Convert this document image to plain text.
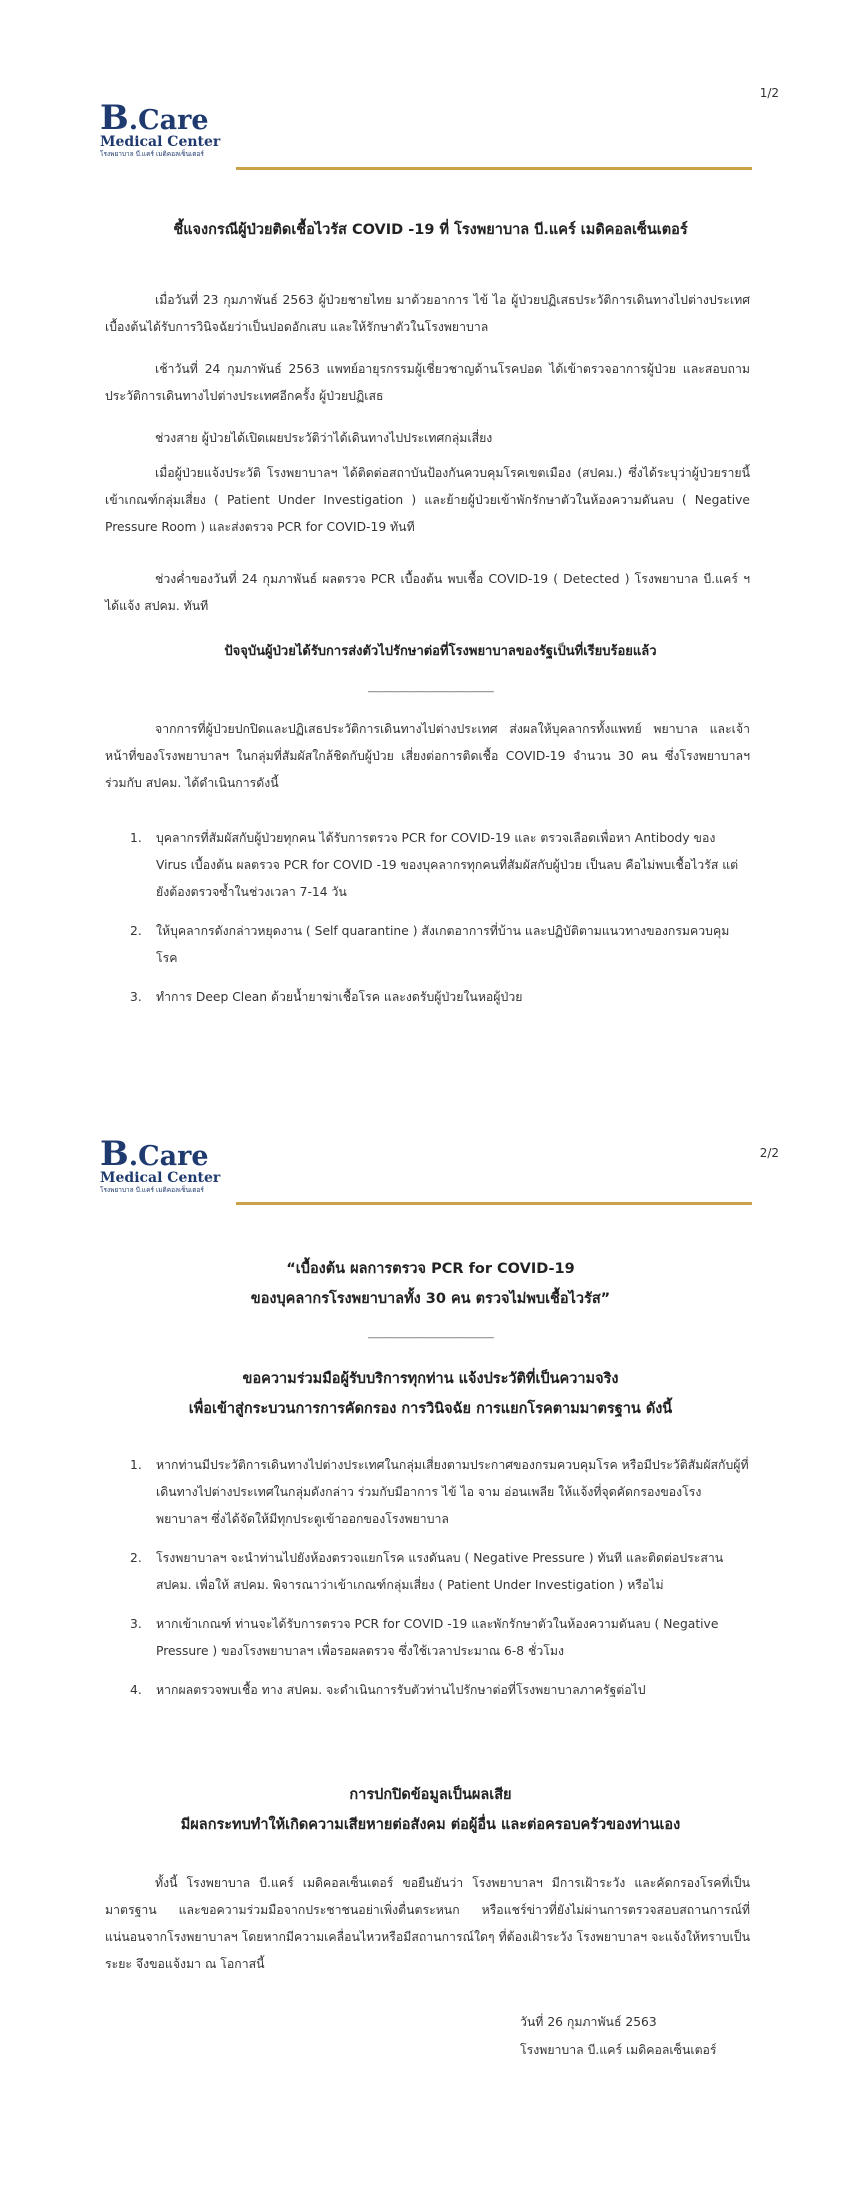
1/2
B.Care
Medical Center
โรงพยาบาล บี.แคร์ เมดิคอลเซ็นเตอร์
ชี้แจงกรณีผู้ป่วยติดเชื้อไวรัส COVID -19 ที่ โรงพยาบาล บี.แคร์ เมดิคอลเซ็นเตอร์
เมื่อวันที่ 23 กุมภาพันธ์ 2563 ผู้ป่วยชายไทย มาด้วยอาการ ไข้ ไอ ผู้ป่วยปฏิเสธประวัติการเดินทางไปต่างประเทศ เบื้องต้นได้รับการวินิจฉัยว่าเป็นปอดอักเสบ และให้รักษาตัวในโรงพยาบาล
เช้าวันที่ 24 กุมภาพันธ์ 2563 แพทย์อายุรกรรมผู้เชี่ยวชาญด้านโรคปอด ได้เข้าตรวจอาการผู้ป่วย และสอบถามประวัติการเดินทางไปต่างประเทศอีกครั้ง ผู้ป่วยปฏิเสธ
ช่วงสาย ผู้ป่วยได้เปิดเผยประวัติว่าได้เดินทางไปประเทศกลุ่มเสี่ยง
เมื่อผู้ป่วยแจ้งประวัติ โรงพยาบาลฯ ได้ติดต่อสถาบันป้องกันควบคุมโรคเขตเมือง (สปคม.) ซึ่งได้ระบุว่าผู้ป่วยรายนี้เข้าเกณฑ์กลุ่มเสี่ยง ( Patient Under Investigation ) และย้ายผู้ป่วยเข้าพักรักษาตัวในห้องความดันลบ ( Negative Pressure Room ) และส่งตรวจ PCR for COVID-19 ทันที
ช่วงค่ำของวันที่ 24 กุมภาพันธ์ ผลตรวจ PCR เบื้องต้น พบเชื้อ COVID-19 ( Detected ) โรงพยาบาล บี.แคร์ ฯ ได้แจ้ง สปคม. ทันที
ปัจจุบันผู้ป่วยได้รับการส่งตัวไปรักษาต่อที่โรงพยาบาลของรัฐเป็นที่เรียบร้อยแล้ว
--------------------------------------------------------
จากการที่ผู้ป่วยปกปิดและปฏิเสธประวัติการเดินทางไปต่างประเทศ ส่งผลให้บุคลากรทั้งแพทย์ พยาบาล และเจ้าหน้าที่ของโรงพยาบาลฯ ในกลุ่มที่สัมผัสใกล้ชิดกับผู้ป่วย เสี่ยงต่อการติดเชื้อ COVID-19 จำนวน 30 คน ซึ่งโรงพยาบาลฯ ร่วมกับ สปคม. ได้ดำเนินการดังนี้
1. บุคลากรที่สัมผัสกับผู้ป่วยทุกคน ได้รับการตรวจ PCR for COVID-19 และ ตรวจเลือดเพื่อหา Antibody ของ Virus เบื้องต้น ผลตรวจ PCR for COVID -19 ของบุคลากรทุกคนที่สัมผัสกับผู้ป่วย เป็นลบ คือไม่พบเชื้อไวรัส แต่ยังต้องตรวจซ้ำในช่วงเวลา 7-14 วัน
2. ให้บุคลากรดังกล่าวหยุดงาน ( Self quarantine ) สังเกตอาการที่บ้าน และปฏิบัติตามแนวทางของกรมควบคุมโรค
3. ทำการ Deep Clean ด้วยน้ำยาฆ่าเชื้อโรค และงดรับผู้ป่วยในหอผู้ป่วย
2/2
B.Care
Medical Center
โรงพยาบาล บี.แคร์ เมดิคอลเซ็นเตอร์
“เบื้องต้น ผลการตรวจ PCR for COVID-19
ของบุคลากรโรงพยาบาลทั้ง 30 คน ตรวจไม่พบเชื้อไวรัส”
--------------------------------------------------------
ขอความร่วมมือผู้รับบริการทุกท่าน แจ้งประวัติที่เป็นความจริง
เพื่อเข้าสู่กระบวนการการคัดกรอง การวินิจฉัย การแยกโรคตามมาตรฐาน ดังนี้
1. หากท่านมีประวัติการเดินทางไปต่างประเทศในกลุ่มเสี่ยงตามประกาศของกรมควบคุมโรค หรือมีประวัติสัมผัสกับผู้ที่เดินทางไปต่างประเทศในกลุ่มดังกล่าว ร่วมกับมีอาการ ไข้ ไอ จาม อ่อนเพลีย ให้แจ้งที่จุดคัดกรองของโรงพยาบาลฯ ซึ่งได้จัดให้มีทุกประตูเข้าออกของโรงพยาบาล
2. โรงพยาบาลฯ จะนำท่านไปยังห้องตรวจแยกโรค แรงดันลบ ( Negative Pressure ) ทันที และติดต่อประสาน สปคม. เพื่อให้ สปคม. พิจารณาว่าเข้าเกณฑ์กลุ่มเสี่ยง ( Patient Under Investigation ) หรือไม่
3. หากเข้าเกณฑ์ ท่านจะได้รับการตรวจ PCR for COVID -19 และพักรักษาตัวในห้องความดันลบ ( Negative Pressure ) ของโรงพยาบาลฯ เพื่อรอผลตรวจ ซึ่งใช้เวลาประมาณ 6-8 ชั่วโมง
4. หากผลตรวจพบเชื้อ ทาง สปคม. จะดำเนินการรับตัวท่านไปรักษาต่อที่โรงพยาบาลภาครัฐต่อไป
การปกปิดข้อมูลเป็นผลเสีย
มีผลกระทบทำให้เกิดความเสียหายต่อสังคม ต่อผู้อื่น และต่อครอบครัวของท่านเอง
ทั้งนี้ โรงพยาบาล บี.แคร์ เมดิคอลเซ็นเตอร์ ขอยืนยันว่า โรงพยาบาลฯ มีการเฝ้าระวัง และคัดกรองโรคที่เป็นมาตรฐาน และขอความร่วมมือจากประชาชนอย่าเพิ่งตื่นตระหนก หรือแชร์ข่าวที่ยังไม่ผ่านการตรวจสอบสถานการณ์ที่แน่นอนจากโรงพยาบาลฯ โดยหากมีความเคลื่อนไหวหรือมีสถานการณ์ใดๆ ที่ต้องเฝ้าระวัง โรงพยาบาลฯ จะแจ้งให้ทราบเป็นระยะ จึงขอแจ้งมา ณ โอกาสนี้
วันที่ 26 กุมภาพันธ์ 2563
โรงพยาบาล บี.แคร์ เมดิคอลเซ็นเตอร์
